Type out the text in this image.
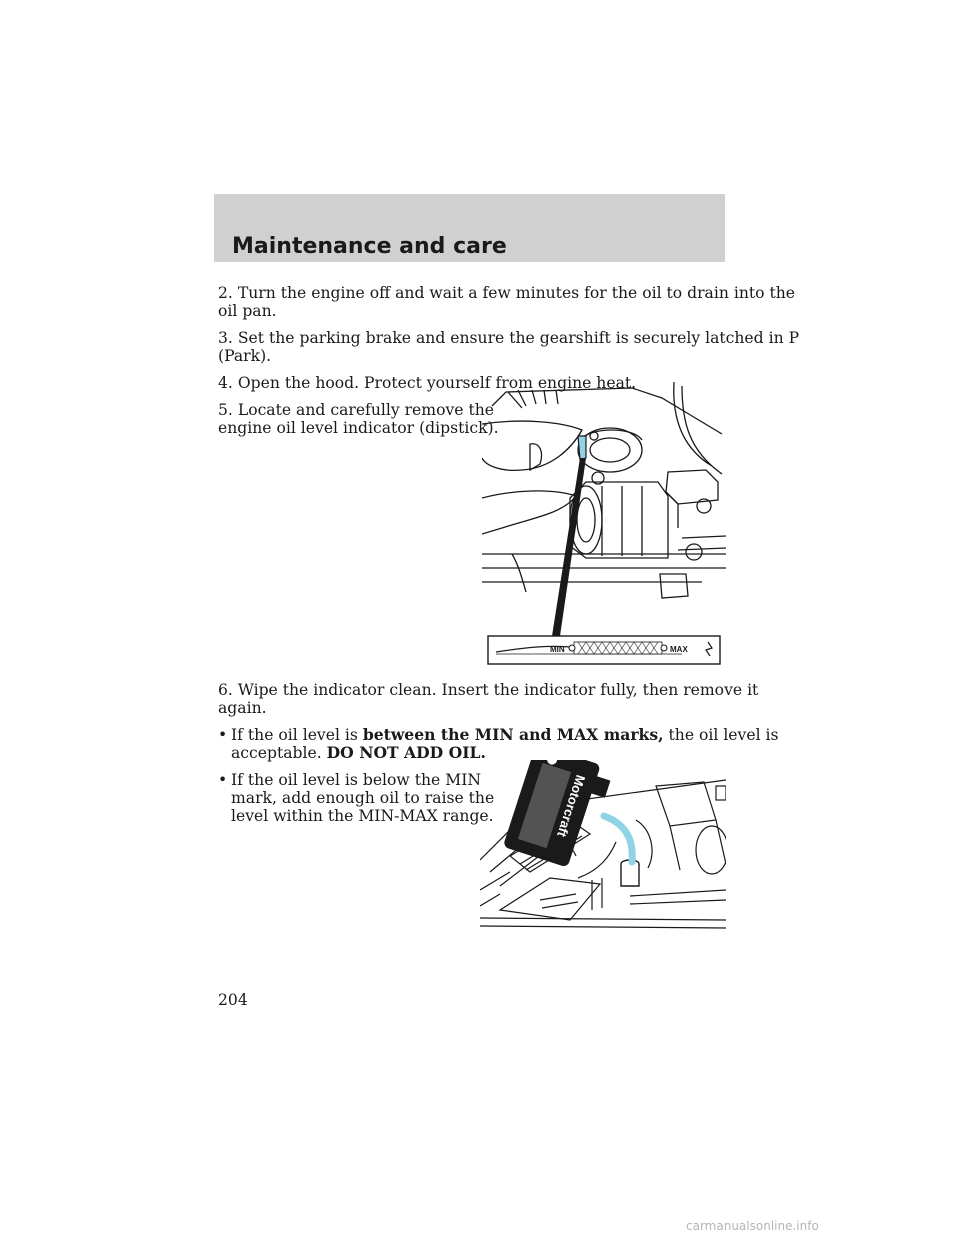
Maintenance and care

2. Turn the engine off and wait a few minutes for the oil to drain into the

oil pan.

3. Set the parking brake and ensure the gearshift is securely latched in P

(Park).

4. Open the hood. Protect yourself from engine heat.

5. Locate and carefully remove the

engine oil level indicator (dipstick).

MIN	MAX

6. Wipe the indicator clean. Insert the indicator fully, then remove it

again.

• If the oil level is between the MIN and MAX marks, the oil level is
acceptable. DO NOT ADD OIL.
• If the oil level is below the MIN
mark, add enough oil to raise the
level within the MIN-MAX range.	Motorcraft
204
carmanualsonline.info
